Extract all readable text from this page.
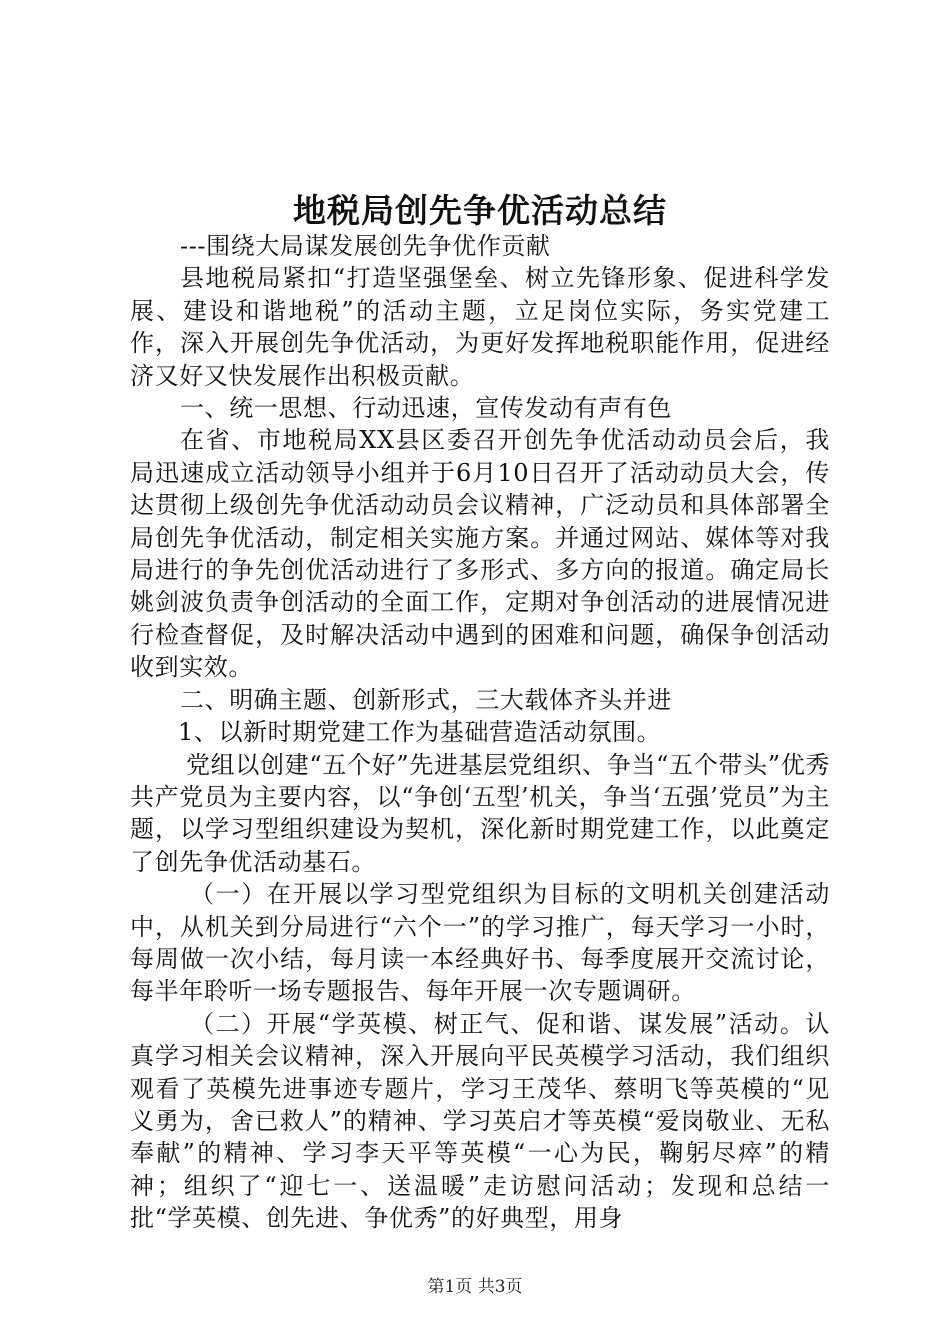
地税局创先争优活动总结

---围绕大局谋发展创先争优作贡献

县地税局紧扣“打造坚强堡垒、树立先锋形象、促进科学发展、建设和谐地税”的活动主题，立足岗位实际，务实党建工作，深入开展创先争优活动，为更好发挥地税职能作用，促进经济又好又快发展作出积极贡献。

一、统一思想、行动迅速，宣传发动有声有色

在省、市地税局XX县区委召开创先争优活动动员会后，我局迅速成立活动领导小组并于6月10日召开了活动动员大会，传达贯彻上级创先争优活动动员会议精神，广泛动员和具体部署全局创先争优活动，制定相关实施方案。并通过网站、媒体等对我局进行的争先创优活动进行了多形式、多方向的报道。确定局长姚剑波负责争创活动的全面工作，定期对争创活动的进展情况进行检查督促，及时解决活动中遇到的困难和问题，确保争创活动收到实效。

二、明确主题、创新形式，三大载体齐头并进

1、以新时期党建工作为基础营造活动氛围。

党组以创建“五个好”先进基层党组织、争当“五个带头”优秀共产党员为主要内容，以“争创‘五型’机关，争当‘五强’党员”为主题，以学习型组织建设为契机，深化新时期党建工作，以此奠定了创先争优活动基石。

（一）在开展以学习型党组织为目标的文明机关创建活动中，从机关到分局进行“六个一”的学习推广，每天学习一小时，每周做一次小结，每月读一本经典好书、每季度展开交流讨论，每半年聆听一场专题报告、每年开展一次专题调研。

（二）开展“学英模、树正气、促和谐、谋发展”活动。认真学习相关会议精神，深入开展向平民英模学习活动，我们组织观看了英模先进事迹专题片，学习王茂华、蔡明飞等英模的“见义勇为，舍已救人”的精神、学习英启才等英模“爱岗敬业、无私奉献”的精神、学习李天平等英模“一心为民，鞠躬尽瘁”的精神；组织了“迎七一、送温暖”走访慰问活动；发现和总结一批“学英模、创先进、争优秀”的好典型，用身

第1页 共3页
